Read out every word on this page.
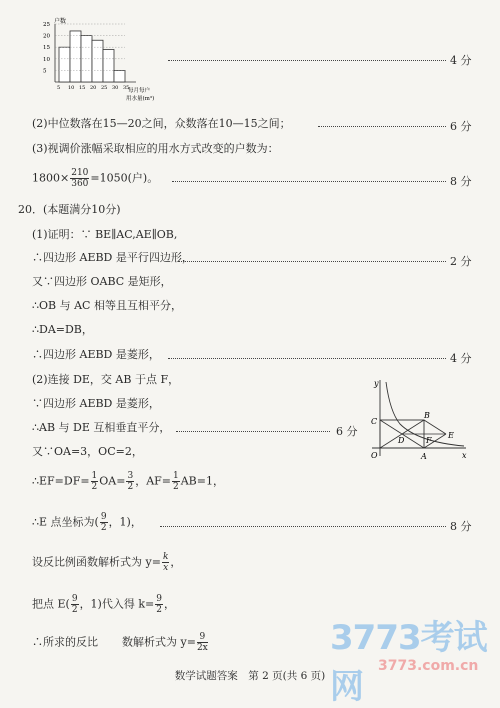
户数
25
20
15
10
5
5 10 15 20 25 30 35
每月每户
用水量(m³)
4 分
(2)中位数落在15—20之间，众数落在10—15之间；	6 分
(3)视调价涨幅采取相应的用水方式改变的户数为：
$1800\times \frac{210}{360} =1050$(户)。	8 分
20．(本题满分10分)
(1)证明：∵ BE∥AC,AE∥OB,
∴四边形 AEBD 是平行四边形，	2 分
又∵四边形 OABC 是矩形，
∴OB 与 AC 相等且互相平分，
∴DA=DB，
∴四边形 AEBD 是菱形，	4 分
(2)连接 DE，交 AB 于点 F，
∵四边形 AEBD 是菱形，
∴AB 与 DE 互相垂直平分，	6 分
又∵OA=3，OC=2，
∴EF=DF= $\frac{1}{2} OA= \frac{3}{2}$ ，$AF= \frac{1}{2} AB=1$，
∴E 点坐标为( $\frac{9}{2}$ ，1)，	8 分
设反比例函数解析式为 $y= \frac{k}{x}$ ，
把点 $E( \frac{9}{2}$ ，1)代入得 $k= \frac{9}{2}$ ，
∴所求的反比 数解析式为 $y= \frac{9}{2x}$
y
x
O	A
B
C
D
E
F
3773考试网
3773.com.cn
数学试题答案　第 2 页(共 6 页)
